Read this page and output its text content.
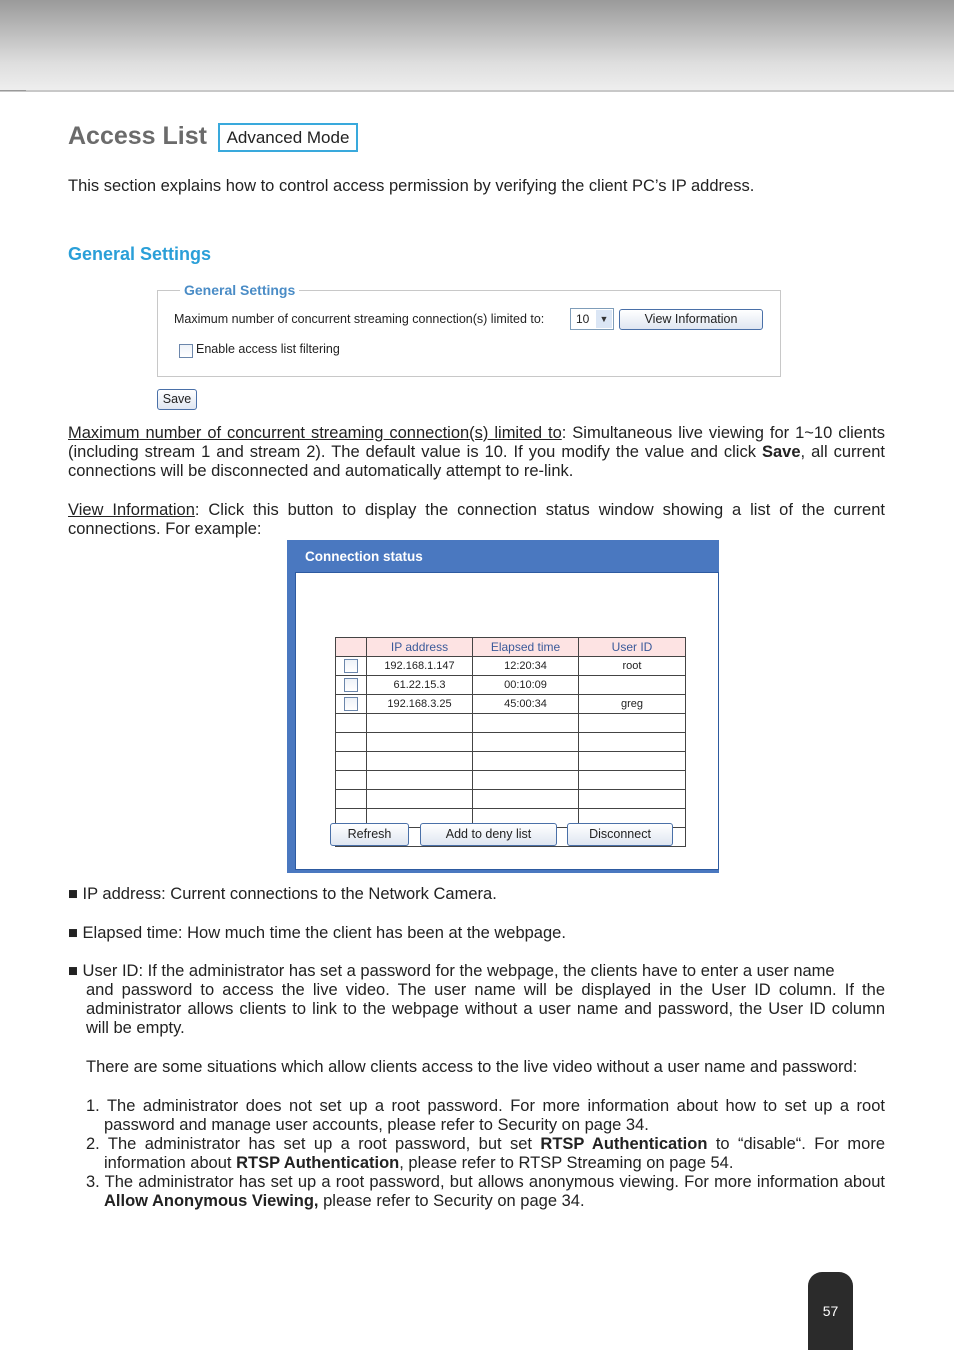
Access List	Advanced Mode
This section explains how to control access permission by verifying the client PC’s IP address.
General Settings
General Settings
Maximum number of concurrent streaming connection(s) limited to:	10	▼	View Information
Enable access list filtering
Save
Maximum number of concurrent streaming connection(s) limited to: Simultaneous live viewing for 1~10 clients (including stream 1 and stream 2). The default value is 10. If you modify the value and click Save, all current connections will be disconnected and automatically attempt to re-link.
View Information: Click this button to display the connection status window showing a list of the current connections. For example:
Connection status
	IP address	Elapsed time	User ID
	192.168.1.147	12:20:34	root
	61.22.15.3	00:10:09	
	192.168.3.25	45:00:34	greg

Refresh	Add to deny list	Disconnect
■ IP address: Current connections to the Network Camera.
■ Elapsed time: How much time the client has been at the webpage.
■ User ID: If the administrator has set a password for the webpage, the clients have to enter a user name
and password to access the live video. The user name will be displayed in the User ID column. If the administrator allows clients to link to the webpage without a user name and password, the User ID column will be empty.
There are some situations which allow clients access to the live video without a user name and password:
1. The administrator does not set up a root password. For more information about how to set up a root password and manage user accounts, please refer to Security on page 34.
2. The administrator has set up a root password, but set RTSP Authentication to “disable“. For more information about RTSP Authentication, please refer to RTSP Streaming on page 54.
3. The administrator has set up a root password, but allows anonymous viewing. For more information about Allow Anonymous Viewing, please refer to Security on page 34.
57
